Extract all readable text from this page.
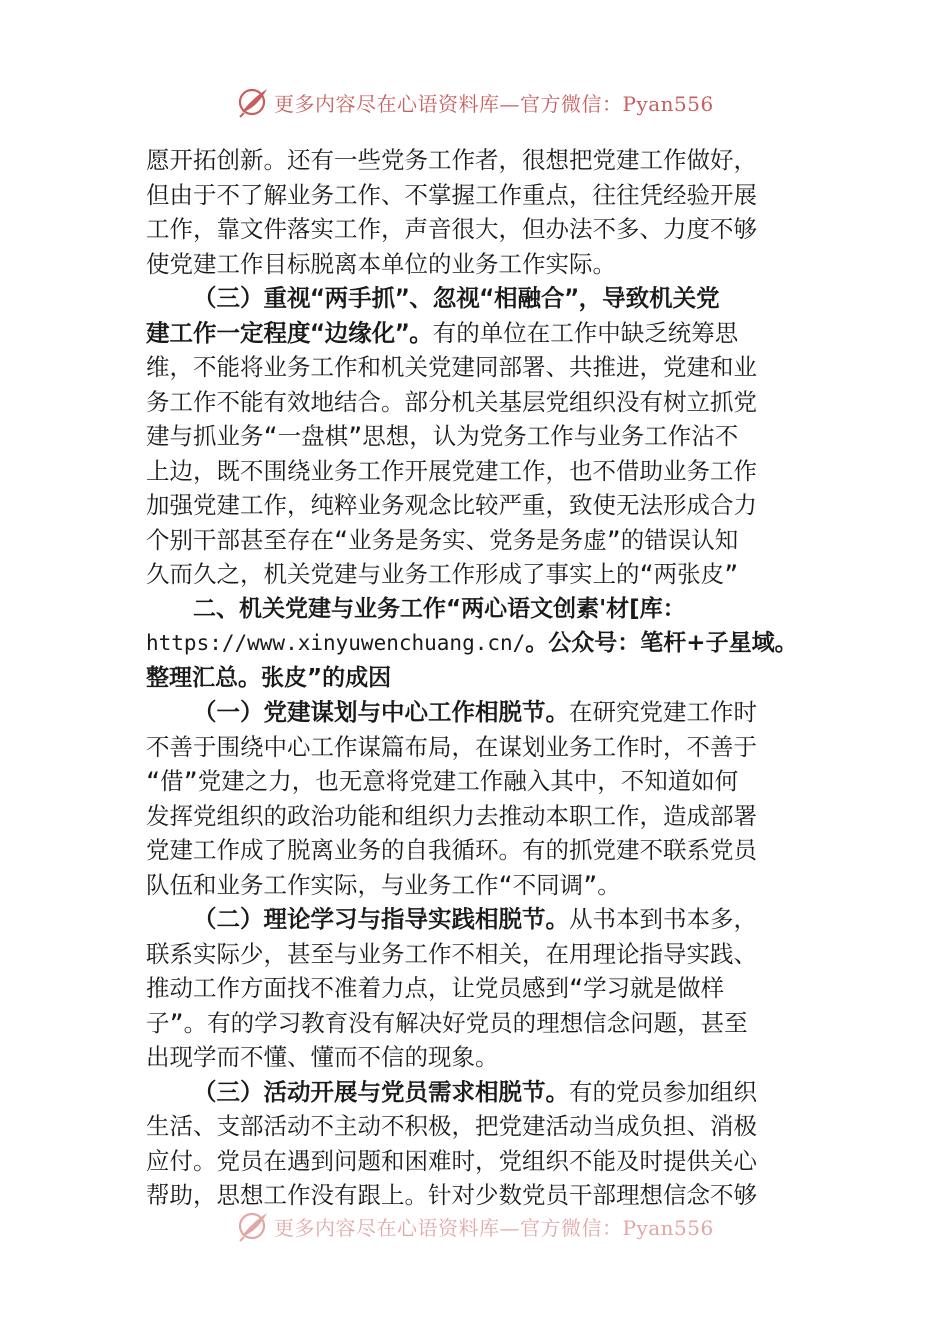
更多内容尽在心语资料库—官方微信：Pyan556
愿开拓创新。还有一些党务工作者，很想把党建工作做好，
但由于不了解业务工作、不掌握工作重点，往往凭经验开展
工作，靠文件落实工作，声音很大，但办法不多、力度不够
使党建工作目标脱离本单位的业务工作实际。
（三）重视“两手抓”、忽视“相融合”，导致机关党
建工作一定程度“边缘化”。有的单位在工作中缺乏统筹思
维，不能将业务工作和机关党建同部署、共推进，党建和业
务工作不能有效地结合。部分机关基层党组织没有树立抓党
建与抓业务“一盘棋”思想，认为党务工作与业务工作沾不
上边，既不围绕业务工作开展党建工作，也不借助业务工作
加强党建工作，纯粹业务观念比较严重，致使无法形成合力
个别干部甚至存在“业务是务实、党务是务虚”的错误认知
久而久之，机关党建与业务工作形成了事实上的“两张皮”
二、机关党建与业务工作“两心语文创素'材[库：
https://www.xinyuwenchuang.cn/。公众号：笔杆+子星域。
整理汇总。张皮”的成因
（一）党建谋划与中心工作相脱节。在研究党建工作时
不善于围绕中心工作谋篇布局，在谋划业务工作时，不善于
“借”党建之力，也无意将党建工作融入其中，不知道如何
发挥党组织的政治功能和组织力去推动本职工作，造成部署
党建工作成了脱离业务的自我循环。有的抓党建不联系党员
队伍和业务工作实际，与业务工作“不同调”。
（二）理论学习与指导实践相脱节。从书本到书本多，
联系实际少，甚至与业务工作不相关，在用理论指导实践、
推动工作方面找不准着力点，让党员感到“学习就是做样
子”。有的学习教育没有解决好党员的理想信念问题，甚至
出现学而不懂、懂而不信的现象。
（三）活动开展与党员需求相脱节。有的党员参加组织
生活、支部活动不主动不积极，把党建活动当成负担、消极
应付。党员在遇到问题和困难时，党组织不能及时提供关心
帮助，思想工作没有跟上。针对少数党员干部理想信念不够
更多内容尽在心语资料库—官方微信：Pyan556
